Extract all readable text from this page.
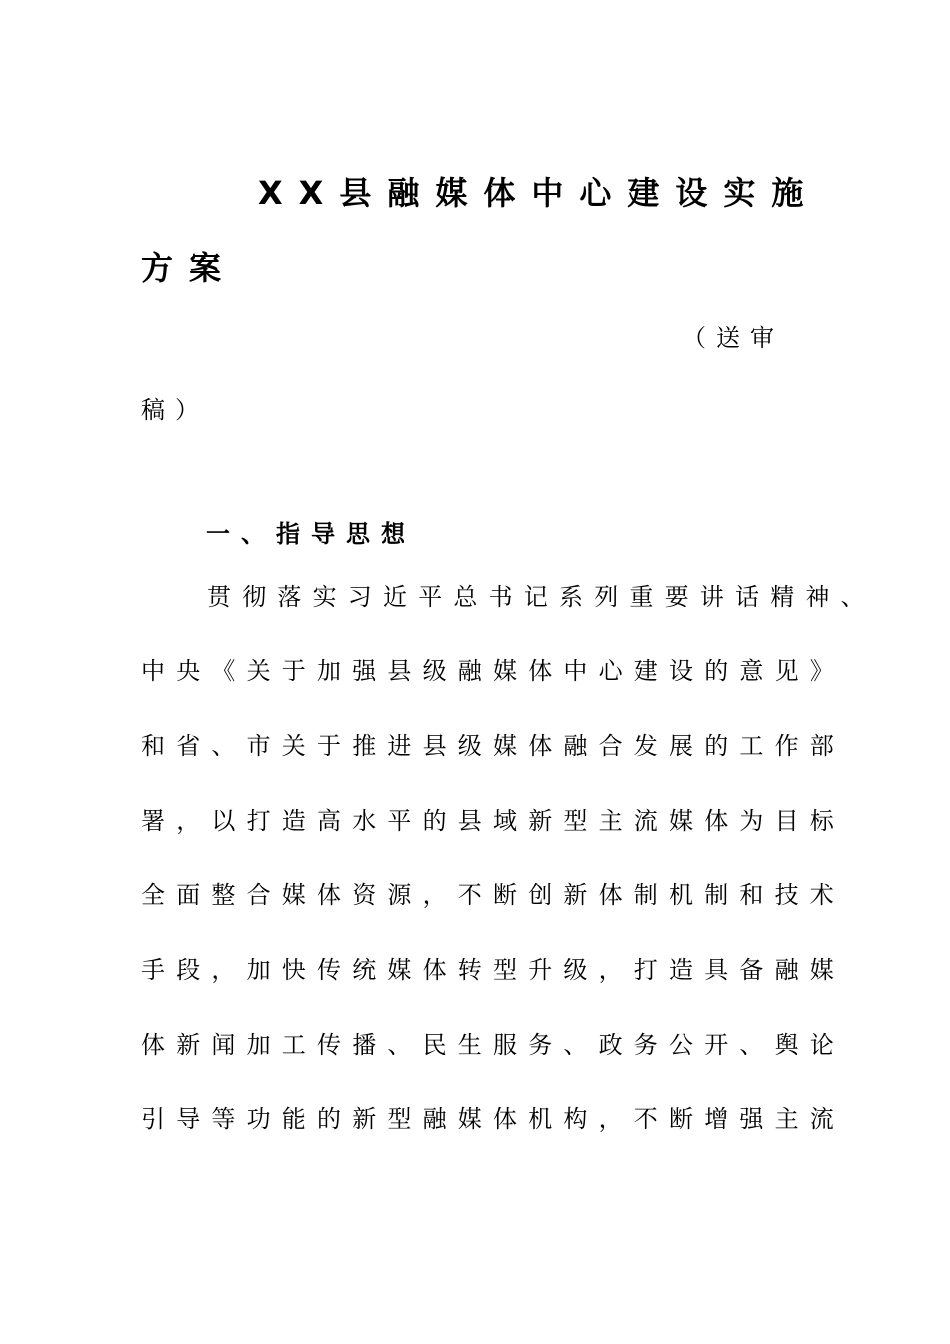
XX县融媒体中心建设实施
方案

（送审

稿）

一、指导思想

贯彻落实习近平总书记系列重要讲话精神、

中央《关于加强县级融媒体中心建设的意见》

和省、市关于推进县级媒体融合发展的工作部

署，以打造高水平的县域新型主流媒体为目标

全面整合媒体资源，不断创新体制机制和技术

手段，加快传统媒体转型升级，打造具备融媒

体新闻加工传播、民生服务、政务公开、舆论

引导等功能的新型融媒体机构，不断增强主流
